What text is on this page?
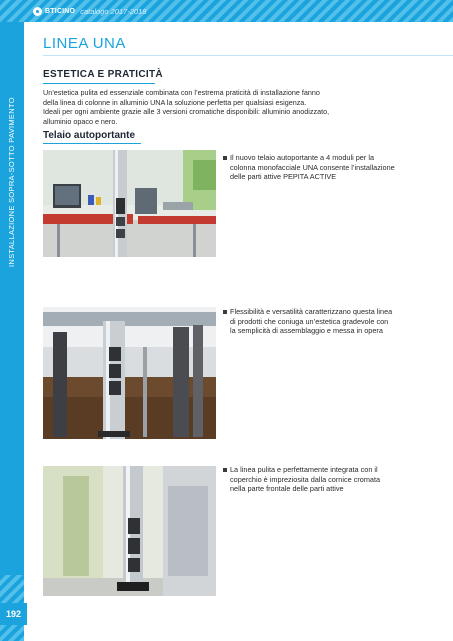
BTICINO catalogo 2017-2018
INSTALLAZIONE SOPRA-SOTTO PAVIMENTO
192
LINEA UNA
ESTETICA E PRATICITÀ

Un’estetica pulita ed essenziale combinata con l’estrema praticità di installazione fanno

della linea di colonne in alluminio UNA la soluzione perfetta per qualsiasi esigenza.

Ideali per ogni ambiente grazie alle 3 versioni cromatiche disponibili: alluminio anodizzato,

alluminio opaco e nero.

Telaio autoportante
Il nuovo telaio autoportante a 4 moduli per la colonna monofacciale UNA consente l’installazione delle parti attive PEPITA ACTIVE
Flessibilità e versatilità caratterizzano questa linea di prodotti che coniuga un’estetica gradevole con la semplicità di assemblaggio e messa in opera
La linea pulita e perfettamente integrata con il coperchio è impreziosita dalla cornice cromata nella parte frontale delle parti attive
